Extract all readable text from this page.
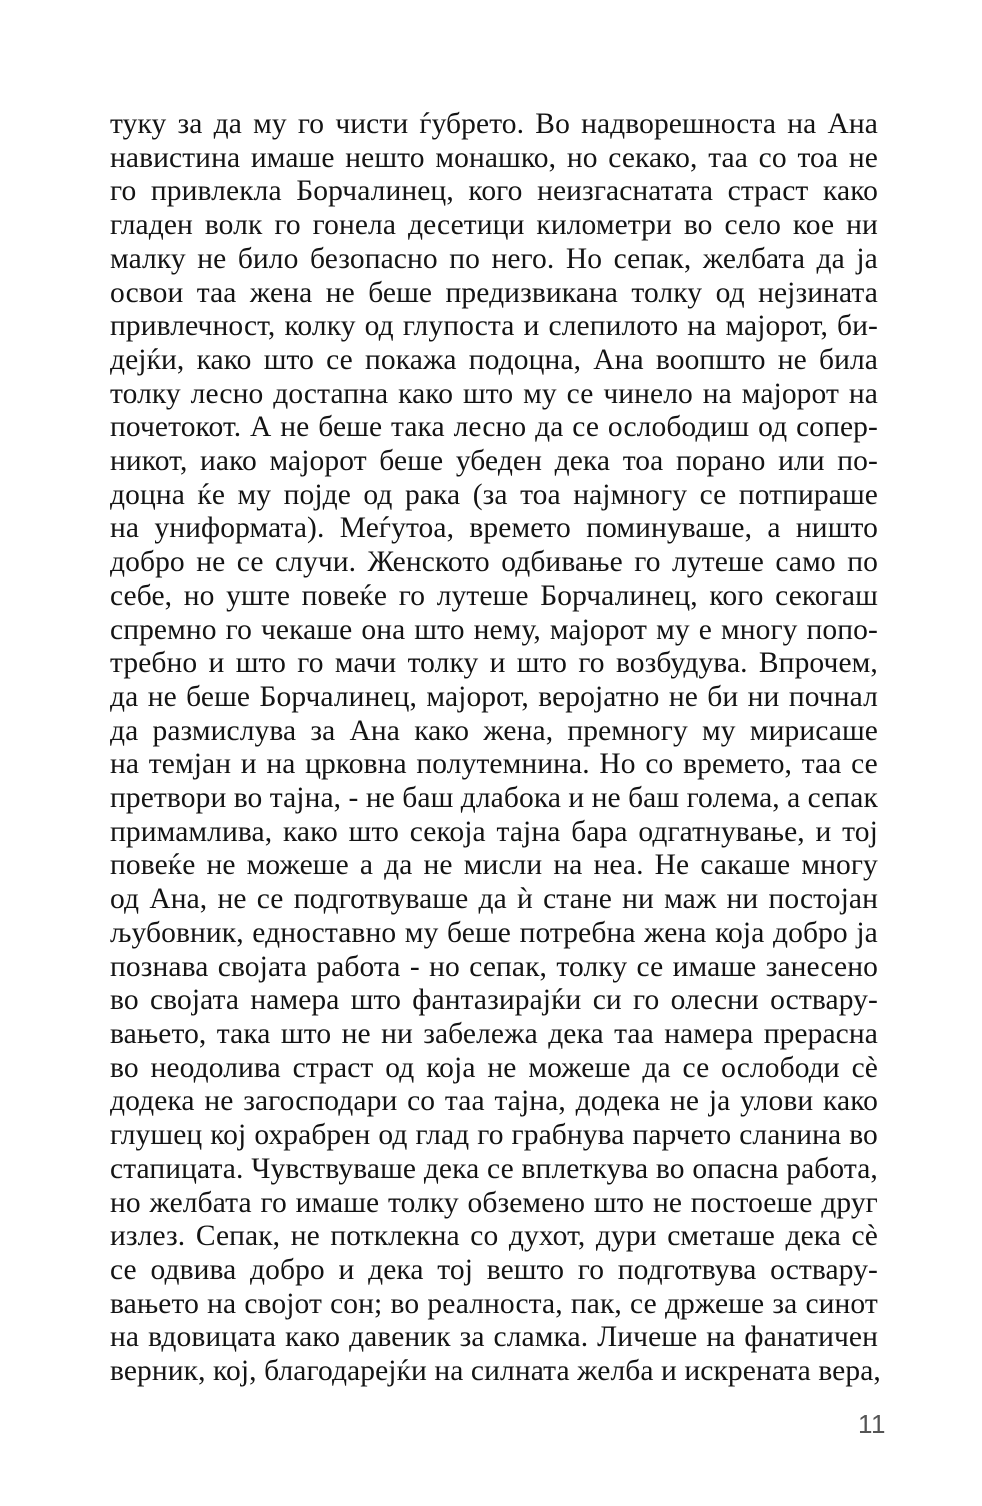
туку за да му го чисти ѓубрето. Во надворешноста на Ана
навистина имаше нешто монашко, но секако, таа со тоа не
го привлекла Борчалинец, кого неизгаснатата страст како
гладен волк го гонела десетици километри во село кое ни
малку не било безопасно по него. Но сепак, желбата да ја
освои таа жена не беше предизвикана толку од нејзината
привлечност, колку од глупоста и слепилото на мајорот, би-
дејќи, како што се покажа подоцна, Ана воопшто не била
толку лесно достапна како што му се чинело на мајорот на
почетокот. А не беше така лесно да се ослободиш од сопер-
никот, иако мајорот беше убеден дека тоа порано или по-
доцна ќе му појде од рака (за тоа најмногу се потпираше
на униформата). Меѓутоа, времето поминуваше, а ништо
добро не се случи. Женското одбивање го лутеше само по
себе, но уште повеќе го лутеше Борчалинец, кого секогаш
спремно го чекаше она што нему, мајорот му е многу попо-
требно и што го мачи толку и што го возбудува. Впрочем,
да не беше Борчалинец, мајорот, веројатно не би ни почнал
да размислува за Ана како жена, премногу му мирисаше
на темјан и на црковна полутемнина. Но со времето, таа се
претвори во тајна, - не баш длабока и не баш голема, а сепак
примамлива, како што секоја тајна бара одгатнување, и тој
повеќе не можеше а да не мисли на неа. Не сакаше многу
од Ана, не се подготвуваше да ѝ стане ни маж ни постојан
љубовник, едноставно му беше потребна жена која добро ја
познава својата работа - но сепак, толку се имаше занесено
во својата намера што фантазирајќи си го олесни оствару-
вањето, така што не ни забележа дека таа намера прерасна
во неодолива страст од која не можеше да се ослободи сѐ
додека не загосподари со таа тајна, додека не ја улови како
глушец кој охрабрен од глад го грабнува парчето сланина во
стапицата. Чувствуваше дека се вплеткува во опасна работа,
но желбата го имаше толку обземено што не постоеше друг
излез. Сепак, не потклекна со духот, дури сметаше дека сѐ
се одвива добро и дека тој вешто го подготвува оствару-
вањето на својот сон; во реалноста, пак, се држеше за синот
на вдовицата како давеник за сламка. Личеше на фанатичен
верник, кој, благодарејќи на силната желба и искрената вера,
11
